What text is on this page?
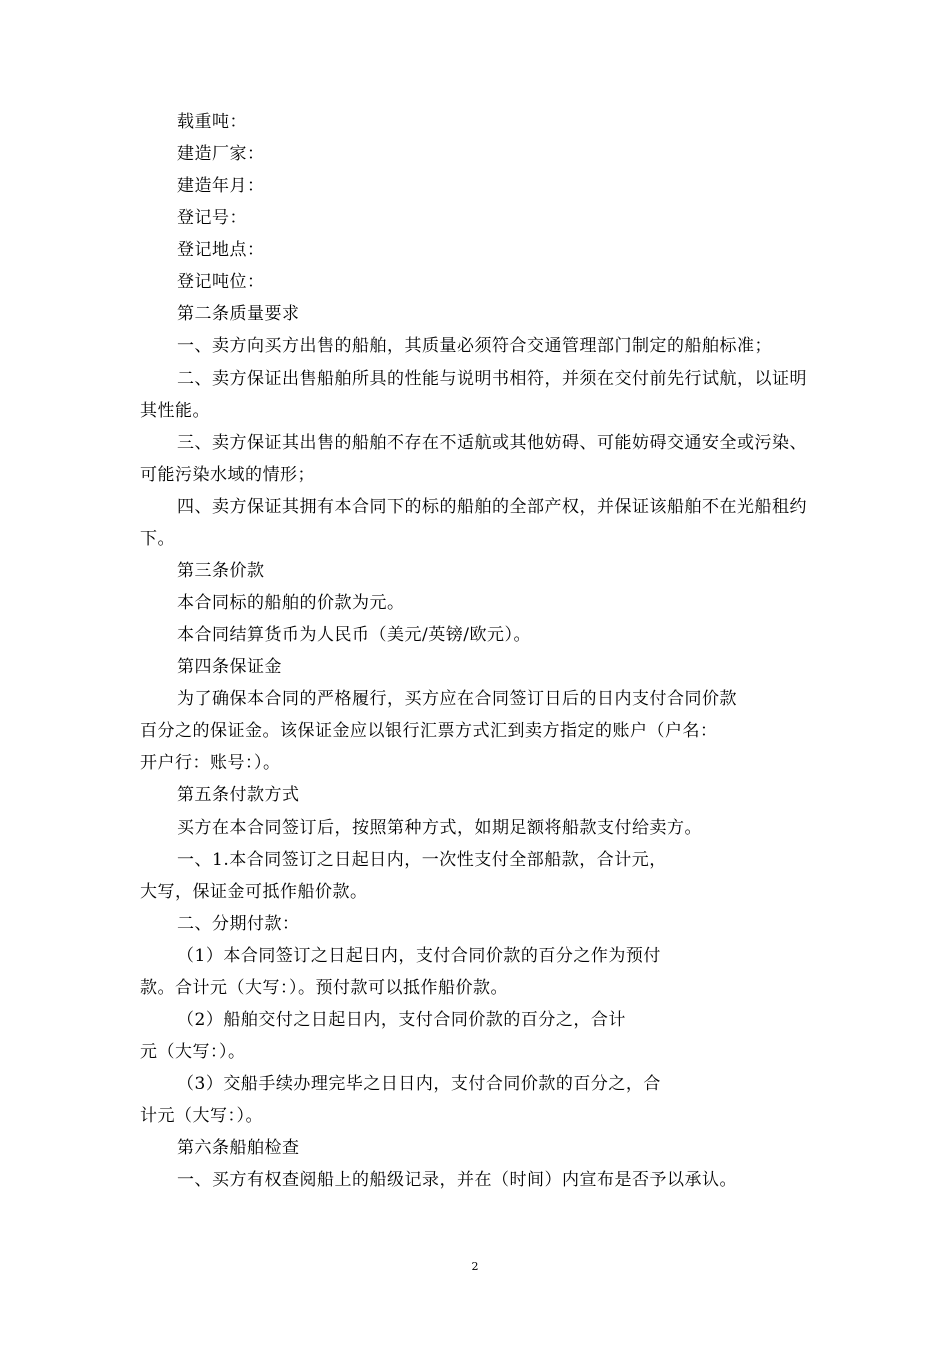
载重吨：
建造厂家：
建造年月：
登记号：
登记地点：
登记吨位：
第二条质量要求
一、卖方向买方出售的船舶，其质量必须符合交通管理部门制定的船舶标准；
二、卖方保证出售船舶所具的性能与说明书相符，并须在交付前先行试航，以证明
其性能。
三、卖方保证其出售的船舶不存在不适航或其他妨碍、可能妨碍交通安全或污染、
可能污染水域的情形；
四、卖方保证其拥有本合同下的标的船舶的全部产权，并保证该船舶不在光船租约
下。
第三条价款
本合同标的船舶的价款为元。
本合同结算货币为人民币（美元/英镑/欧元）。
第四条保证金
为了确保本合同的严格履行，买方应在合同签订日后的日内支付合同价款
百分之的保证金。该保证金应以银行汇票方式汇到卖方指定的账户（户名：
开户行：账号：）。
第五条付款方式
买方在本合同签订后，按照第种方式，如期足额将船款支付给卖方。
一、1.本合同签订之日起日内，一次性支付全部船款，合计元，
大写，保证金可抵作船价款。
二、分期付款：
（1）本合同签订之日起日内，支付合同价款的百分之作为预付
款。合计元（大写：）。预付款可以抵作船价款。
（2）船舶交付之日起日内，支付合同价款的百分之，合计
元（大写：）。
（3）交船手续办理完毕之日日内，支付合同价款的百分之，合
计元（大写：）。
第六条船舶检查
一、买方有权查阅船上的船级记录，并在（时间）内宣布是否予以承认。
2
